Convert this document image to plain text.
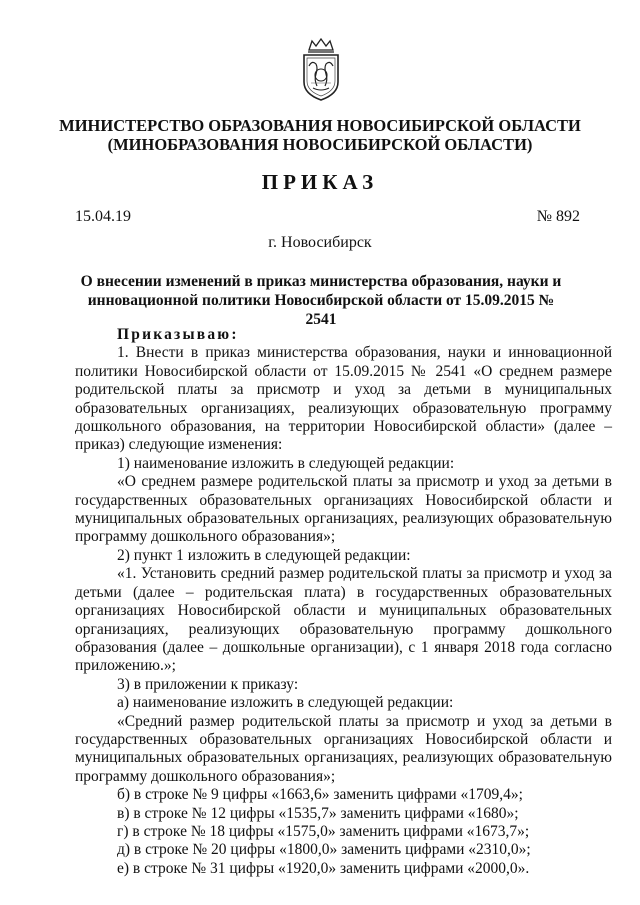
МИНИСТЕРСТВО ОБРАЗОВАНИЯ НОВОСИБИРСКОЙ ОБЛАСТИ
(МИНОБРАЗОВАНИЯ НОВОСИБИРСКОЙ ОБЛАСТИ)
ПРИКАЗ
15.04.19	№ 892
г. Новосибирск
О внесении изменений в приказ министерства образования, науки и
инновационной политики Новосибирской области от 15.09.2015 № 2541

Приказываю:

1. Внести в приказ министерства образования, науки и инновационной политики Новосибирской области от 15.09.2015 № 2541 «О среднем размере родительской платы за присмотр и уход за детьми в муниципальных образовательных организациях, реализующих образовательную программу дошкольного образования, на территории Новосибирской области» (далее – приказ) следующие изменения:

1) наименование изложить в следующей редакции:

«О среднем размере родительской платы за присмотр и уход за детьми в государственных образовательных организациях Новосибирской области и муниципальных образовательных организациях, реализующих образовательную программу дошкольного образования»;

2) пункт 1 изложить в следующей редакции:

«1. Установить средний размер родительской платы за присмотр и уход за детьми (далее – родительская плата) в государственных образовательных организациях Новосибирской области и муниципальных образовательных организациях, реализующих образовательную программу дошкольного образования (далее – дошкольные организации), с 1 января 2018 года согласно приложению.»;

3) в приложении к приказу:

а) наименование изложить в следующей редакции:

«Средний размер родительской платы за присмотр и уход за детьми в государственных образовательных организациях Новосибирской области и муниципальных образовательных организациях, реализующих образовательную программу дошкольного образования»;

б) в строке № 9 цифры «1663,6» заменить цифрами «1709,4»;

в) в строке № 12 цифры «1535,7» заменить цифрами «1680»;

г) в строке № 18 цифры «1575,0» заменить цифрами «1673,7»;

д) в строке № 20 цифры «1800,0» заменить цифрами «2310,0»;

е) в строке № 31 цифры «1920,0» заменить цифрами «2000,0».
